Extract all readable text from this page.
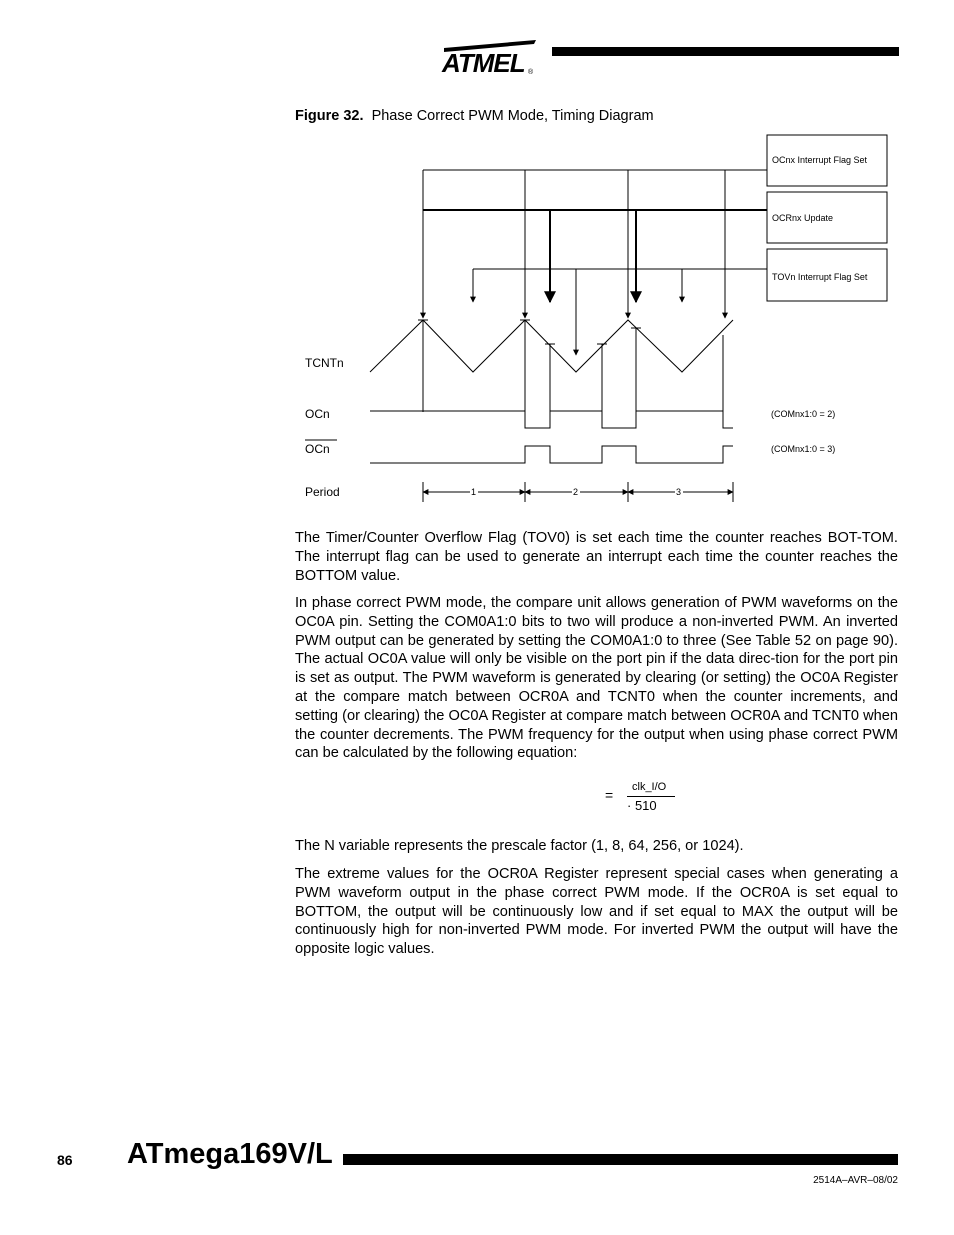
ATMEL ®
Figure 32. Phase Correct PWM Mode, Timing Diagram
OCnx Interrupt Flag Set
OCRnx Update
TOVn Interrupt Flag Set
TCNTn
OCn
OCn
Period
(COMnx1:0 = 2)
(COMnx1:0 = 3)
1	2	3

The Timer/Counter Overflow Flag (TOV0) is set each time the counter reaches BOT-TOM. The interrupt flag can be used to generate an interrupt each time the counter reaches the BOTTOM value.

In phase correct PWM mode, the compare unit allows generation of PWM waveforms on the OC0A pin. Setting the COM0A1:0 bits to two will produce a non-inverted PWM. An inverted PWM output can be generated by setting the COM0A1:0 to three (See Table 52 on page 90). The actual OC0A value will only be visible on the port pin if the data direc-tion for the port pin is set as output. The PWM waveform is generated by clearing (or setting) the OC0A Register at the compare match between OCR0A and TCNT0 when the counter increments, and setting (or clearing) the OC0A Register at compare match between OCR0A and TCNT0 when the counter decrements. The PWM frequency for the output when using phase correct PWM can be calculated by the following equation:

= clk_I/O
· 510

The N variable represents the prescale factor (1, 8, 64, 256, or 1024).

The extreme values for the OCR0A Register represent special cases when generating a PWM waveform output in the phase correct PWM mode. If the OCR0A is set equal to BOTTOM, the output will be continuously low and if set equal to MAX the output will be continuously high for non-inverted PWM mode. For inverted PWM the output will have the opposite logic values.

86 ATmega169V/L
2514A–AVR–08/02
